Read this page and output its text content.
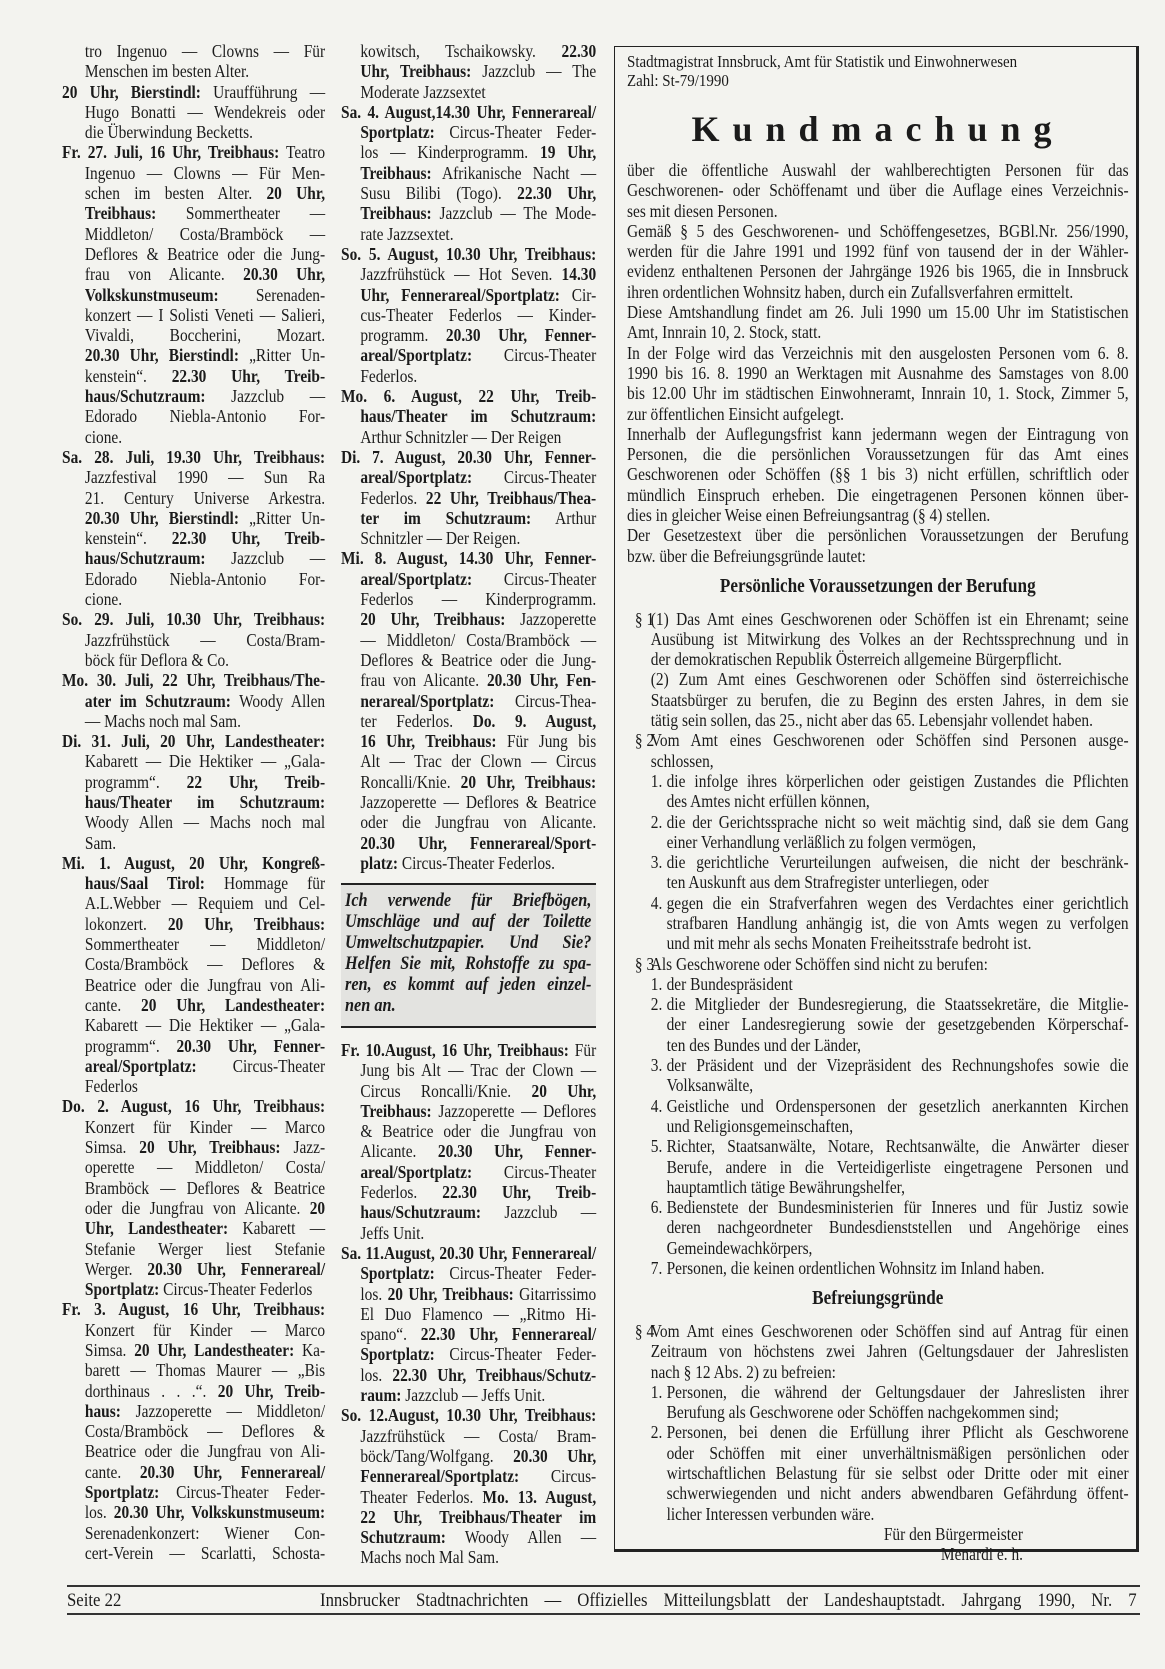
tro Ingenuo — Clowns — Für
Menschen im besten Alter.
20 Uhr, Bierstindl: Uraufführung —
Hugo Bonatti — Wendekreis oder
die Überwindung Becketts.
Fr. 27. Juli, 16 Uhr, Treibhaus: Teatro
Ingenuo — Clowns — Für Men-
schen im besten Alter. 20 Uhr,
Treibhaus: Sommertheater —
Middleton/ Costa/Bramböck —
Deflores & Beatrice oder die Jung-
frau von Alicante. 20.30 Uhr,
Volkskunstmuseum: Serenaden-
konzert — I Solisti Veneti — Salieri,
Vivaldi, Boccherini, Mozart.
20.30 Uhr, Bierstindl: „Ritter Un-
kenstein“. 22.30 Uhr, Treib-
haus/Schutzraum: Jazzclub —
Edorado Niebla-Antonio For-
cione.
Sa. 28. Juli, 19.30 Uhr, Treibhaus:
Jazzfestival 1990 — Sun Ra
21. Century Universe Arkestra.
20.30 Uhr, Bierstindl: „Ritter Un-
kenstein“. 22.30 Uhr, Treib-
haus/Schutzraum: Jazzclub —
Edorado Niebla-Antonio For-
cione.
So. 29. Juli, 10.30 Uhr, Treibhaus:
Jazzfrühstück — Costa/Bram-
böck für Deflora & Co.
Mo. 30. Juli, 22 Uhr, Treibhaus/The-
ater im Schutzraum: Woody Allen
— Machs noch mal Sam.
Di. 31. Juli, 20 Uhr, Landestheater:
Kabarett — Die Hektiker — „Gala-
programm“. 22 Uhr, Treib-
haus/Theater im Schutzraum:
Woody Allen — Machs noch mal
Sam.
Mi. 1. August, 20 Uhr, Kongreß-
haus/Saal Tirol: Hommage für
A.L.Webber — Requiem und Cel-
lokonzert. 20 Uhr, Treibhaus:
Sommertheater — Middleton/
Costa/Bramböck — Deflores &
Beatrice oder die Jungfrau von Ali-
cante. 20 Uhr, Landestheater:
Kabarett — Die Hektiker — „Gala-
programm“. 20.30 Uhr, Fenner-
areal/Sportplatz: Circus-Theater
Federlos
Do. 2. August, 16 Uhr, Treibhaus:
Konzert für Kinder — Marco
Simsa. 20 Uhr, Treibhaus: Jazz-
operette — Middleton/ Costa/
Bramböck — Deflores & Beatrice
oder die Jungfrau von Alicante. 20
Uhr, Landestheater: Kabarett —
Stefanie Werger liest Stefanie
Werger. 20.30 Uhr, Fennerareal/
Sportplatz: Circus-Theater Federlos
Fr. 3. August, 16 Uhr, Treibhaus:
Konzert für Kinder — Marco
Simsa. 20 Uhr, Landestheater: Ka-
barett — Thomas Maurer — „Bis
dorthinaus . . .“. 20 Uhr, Treib-
haus: Jazzoperette — Middleton/
Costa/Bramböck — Deflores &
Beatrice oder die Jungfrau von Ali-
cante. 20.30 Uhr, Fennerareal/
Sportplatz: Circus-Theater Feder-
los. 20.30 Uhr, Volkskunstmuseum:
Serenadenkonzert: Wiener Con-
cert-Verein — Scarlatti, Schosta-
kowitsch, Tschaikowsky. 22.30
Uhr, Treibhaus: Jazzclub — The
Moderate Jazzsextet
Sa. 4. August,14.30 Uhr, Fennerareal/
Sportplatz: Circus-Theater Feder-
los — Kinderprogramm. 19 Uhr,
Treibhaus: Afrikanische Nacht —
Susu Bilibi (Togo). 22.30 Uhr,
Treibhaus: Jazzclub — The Mode-
rate Jazzsextet.
So. 5. August, 10.30 Uhr, Treibhaus:
Jazzfrühstück — Hot Seven. 14.30
Uhr, Fennerareal/Sportplatz: Cir-
cus-Theater Federlos — Kinder-
programm. 20.30 Uhr, Fenner-
areal/Sportplatz: Circus-Theater
Federlos.
Mo. 6. August, 22 Uhr, Treib-
haus/Theater im Schutzraum:
Arthur Schnitzler — Der Reigen
Di. 7. August, 20.30 Uhr, Fenner-
areal/Sportplatz: Circus-Theater
Federlos. 22 Uhr, Treibhaus/Thea-
ter im Schutzraum: Arthur
Schnitzler — Der Reigen.
Mi. 8. August, 14.30 Uhr, Fenner-
areal/Sportplatz: Circus-Theater
Federlos — Kinderprogramm.
20 Uhr, Treibhaus: Jazzoperette
— Middleton/ Costa/Bramböck —
Deflores & Beatrice oder die Jung-
frau von Alicante. 20.30 Uhr, Fen-
nerareal/Sportplatz: Circus-Thea-
ter Federlos. Do. 9. August,
16 Uhr, Treibhaus: Für Jung bis
Alt — Trac der Clown — Circus
Roncalli/Knie. 20 Uhr, Treibhaus:
Jazzoperette — Deflores & Beatrice
oder die Jungfrau von Alicante.
20.30 Uhr, Fennerareal/Sport-
platz: Circus-Theater Federlos.
Ich verwende für Briefbögen,
Umschläge und auf der Toilette
Umweltschutzpapier. Und Sie?
Helfen Sie mit, Rohstoffe zu spa-
ren, es kommt auf jeden einzel-
nen an.
Fr. 10.August, 16 Uhr, Treibhaus: Für
Jung bis Alt — Trac der Clown —
Circus Roncalli/Knie. 20 Uhr,
Treibhaus: Jazzoperette — Deflores
& Beatrice oder die Jungfrau von
Alicante. 20.30 Uhr, Fenner-
areal/Sportplatz: Circus-Theater
Federlos. 22.30 Uhr, Treib-
haus/Schutzraum: Jazzclub —
Jeffs Unit.
Sa. 11.August, 20.30 Uhr, Fennerareal/
Sportplatz: Circus-Theater Feder-
los. 20 Uhr, Treibhaus: Gitarrissimo
El Duo Flamenco — „Ritmo Hi-
spano“. 22.30 Uhr, Fennerareal/
Sportplatz: Circus-Theater Feder-
los. 22.30 Uhr, Treibhaus/Schutz-
raum: Jazzclub — Jeffs Unit.
So. 12.August, 10.30 Uhr, Treibhaus:
Jazzfrühstück — Costa/ Bram-
böck/Tang/Wolfgang. 20.30 Uhr,
Fennerareal/Sportplatz: Circus-
Theater Federlos. Mo. 13. August,
22 Uhr, Treibhaus/Theater im
Schutzraum: Woody Allen —
Machs noch Mal Sam.
Stadtmagistrat Innsbruck, Amt für Statistik und Einwohnerwesen
Zahl: St-79/1990
Kundmachung
über die öffentliche Auswahl der wahlberechtigten Personen für das
Geschworenen- oder Schöffenamt und über die Auflage eines Verzeichnis-
ses mit diesen Personen.
Gemäß § 5 des Geschworenen- und Schöffengesetzes, BGBl.Nr. 256/1990,
werden für die Jahre 1991 und 1992 fünf von tausend der in der Wähler-
evidenz enthaltenen Personen der Jahrgänge 1926 bis 1965, die in Innsbruck
ihren ordentlichen Wohnsitz haben, durch ein Zufallsverfahren ermittelt.
Diese Amtshandlung findet am 26. Juli 1990 um 15.00 Uhr im Statistischen
Amt, Innrain 10, 2. Stock, statt.
In der Folge wird das Verzeichnis mit den ausgelosten Personen vom 6. 8.
1990 bis 16. 8. 1990 an Werktagen mit Ausnahme des Samstages von 8.00
bis 12.00 Uhr im städtischen Einwohneramt, Innrain 10, 1. Stock, Zimmer 5,
zur öffentlichen Einsicht aufgelegt.
Innerhalb der Auflegungsfrist kann jedermann wegen der Eintragung von
Personen, die die persönlichen Voraussetzungen für das Amt eines
Geschworenen oder Schöffen (§§ 1 bis 3) nicht erfüllen, schriftlich oder
mündlich Einspruch erheben. Die eingetragenen Personen können über-
dies in gleicher Weise einen Befreiungsantrag (§ 4) stellen.
Der Gesetzestext über die persönlichen Voraussetzungen der Berufung
bzw. über die Befreiungsgründe lautet:
Persönliche Voraussetzungen der Berufung
§ 1
(1) Das Amt eines Geschworenen oder Schöffen ist ein Ehrenamt; seine
Ausübung ist Mitwirkung des Volkes an der Rechtssprechnung und in
der demokratischen Republik Österreich allgemeine Bürgerpflicht.
(2) Zum Amt eines Geschworenen oder Schöffen sind österreichische
Staatsbürger zu berufen, die zu Beginn des ersten Jahres, in dem sie
tätig sein sollen, das 25., nicht aber das 65. Lebensjahr vollendet haben.
§ 2
Vom Amt eines Geschworenen oder Schöffen sind Personen ausge-
schlossen,
1. die infolge ihres körperlichen oder geistigen Zustandes die Pflichten
des Amtes nicht erfüllen können,
2. die der Gerichtssprache nicht so weit mächtig sind, daß sie dem Gang
einer Verhandlung verläßlich zu folgen vermögen,
3. die gerichtliche Verurteilungen aufweisen, die nicht der beschränk-
ten Auskunft aus dem Strafregister unterliegen, oder
4. gegen die ein Strafverfahren wegen des Verdachtes einer gerichtlich
strafbaren Handlung anhängig ist, die von Amts wegen zu verfolgen
und mit mehr als sechs Monaten Freiheitsstrafe bedroht ist.
§ 3
Als Geschworene oder Schöffen sind nicht zu berufen:
1. der Bundespräsident
2. die Mitglieder der Bundesregierung, die Staatssekretäre, die Mitglie-
der einer Landesregierung sowie der gesetzgebenden Körperschaf-
ten des Bundes und der Länder,
3. der Präsident und der Vizepräsident des Rechnungshofes sowie die
Volksanwälte,
4. Geistliche und Ordenspersonen der gesetzlich anerkannten Kirchen
und Religionsgemeinschaften,
5. Richter, Staatsanwälte, Notare, Rechtsanwälte, die Anwärter dieser
Berufe, andere in die Verteidigerliste eingetragene Personen und
hauptamtlich tätige Bewährungshelfer,
6. Bedienstete der Bundesministerien für Inneres und für Justiz sowie
deren nachgeordneter Bundesdienststellen und Angehörige eines
Gemeindewachkörpers,
7. Personen, die keinen ordentlichen Wohnsitz im Inland haben.
Befreiungsgründe
§ 4
Vom Amt eines Geschworenen oder Schöffen sind auf Antrag für einen
Zeitraum von höchstens zwei Jahren (Geltungsdauer der Jahreslisten
nach § 12 Abs. 2) zu befreien:
1. Personen, die während der Geltungsdauer der Jahreslisten ihrer
Berufung als Geschworene oder Schöffen nachgekommen sind;
2. Personen, bei denen die Erfüllung ihrer Pflicht als Geschworene
oder Schöffen mit einer unverhältnismäßigen persönlichen oder
wirtschaftlichen Belastung für sie selbst oder Dritte oder mit einer
schwerwiegenden und nicht anders abwendbaren Gefährdung öffent-
licher Interessen verbunden wäre.
Für den Bürgermeister
Menardi e. h.
Seite 22	Innsbrucker Stadtnachrichten — Offizielles Mitteilungsblatt der Landeshauptstadt. Jahrgang 1990, Nr. 7
